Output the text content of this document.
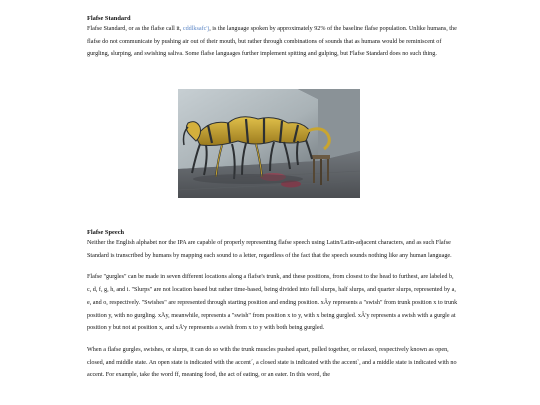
Flafse Standard

Flafse Standard, or as the flafse call it, cddlksafc'j, is the language spoken by approximately 92% of the baseline flafse population. Unlike humans, the flafse do not communicate by pushing air out of their mouth, but rather through combinations of sounds that as humans would be reminiscent of gurgling, slurping, and swishing saliva. Some flafse languages further implement spitting and gulping, but Flafse Standard does no such thing.

Flafse Speech

Neither the English alphabet nor the IPA are capable of properly representing flafse speech using Latin/Latin-adjacent characters, and as such Flafse Standard is transcribed by humans by mapping each sound to a letter, regardless of the fact that the speech sounds nothing like any human language.

Flafse "gurgles" can be made in seven different locations along a flafse's trunk, and these positions, from closest to the head to furthest, are labeled b, c, d, f, g, h, and i. "Slurps" are not location based but rather time-based, being divided into full slurps, half slurps, and quarter slurps, represented by a, e, and o, respectively. "Swishes" are represented through starting position and ending position. xÂy represents a "swish" from trunk position x to trunk position y, with no gurgling. xÄy, meanwhile, represents a "swish" from position x to y, with x being gurgled. xÂ'y represents a swish with a gurgle at position y but not at position x, and xÄ'y represents a swish from x to y with both being gurgled.

When a flafse gurgles, swishes, or slurps, it can do so with the trunk muscles pushed apart, pulled together, or relaxed, respectively known as open, closed, and middle state. An open state is indicated with the accent´, a closed state is indicated with the accent`, and a middle state is indicated with no accent. For example, take the word ff, meaning food, the act of eating, or an eater. In this word, the
